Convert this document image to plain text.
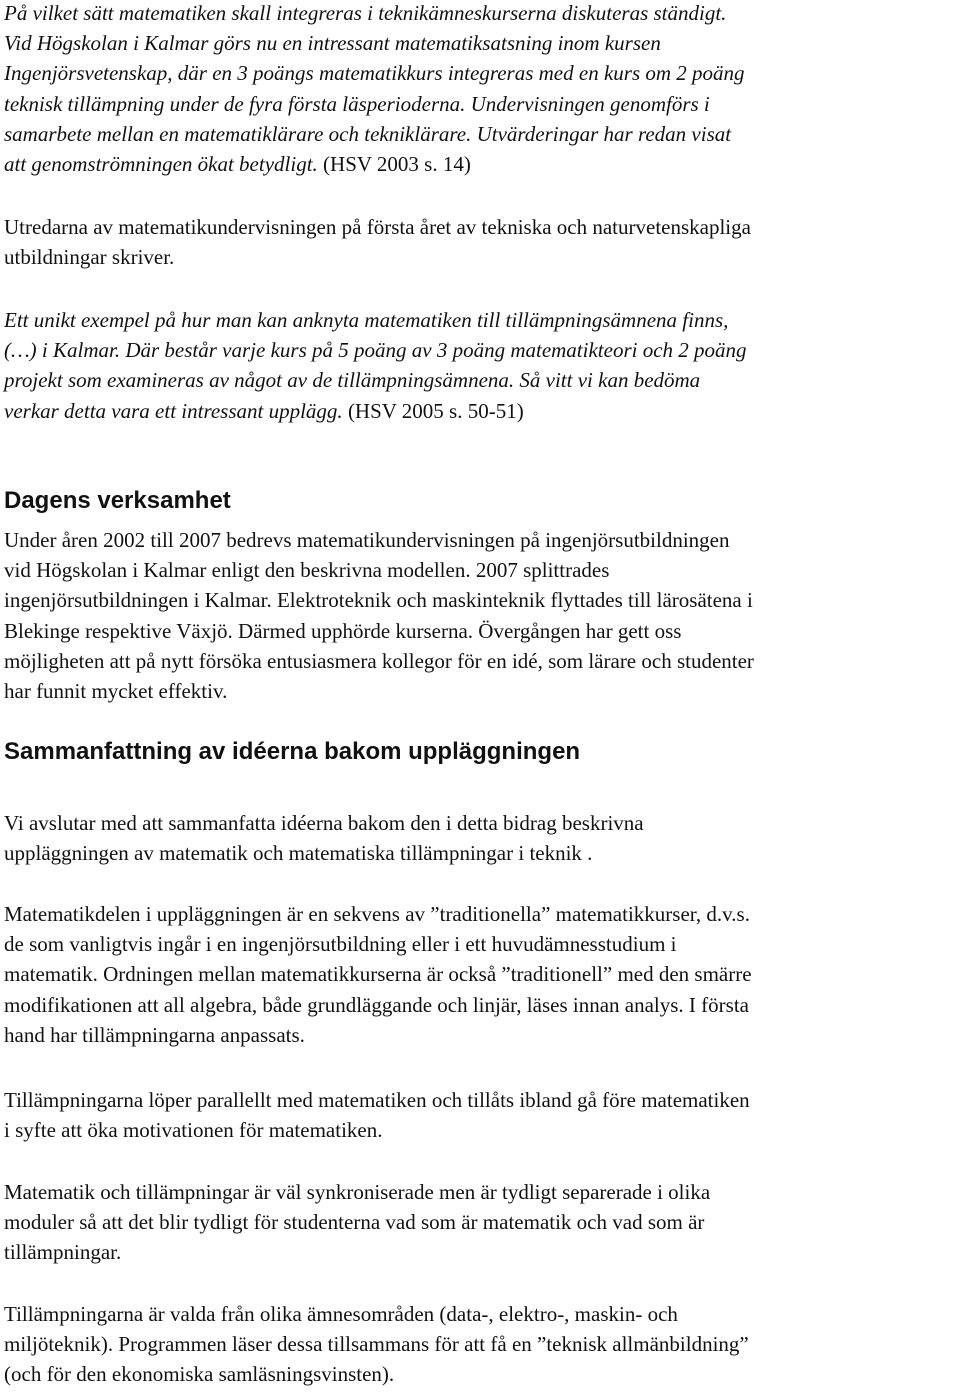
På vilket sätt matematiken skall integreras i teknikämneskurserna diskuteras ständigt.

Vid Högskolan i Kalmar görs nu en intressant matematiksatsning inom kursen

Ingenjörsvetenskap, där en 3 poängs matematikkurs integreras med en kurs om 2 poäng

teknisk tillämpning under de fyra första läsperioderna. Undervisningen genomförs i

samarbete mellan en matematiklärare och tekniklärare. Utvärderingar har redan visat

att genomströmningen ökat betydligt. (HSV 2003 s. 14)

Utredarna av matematikundervisningen på första året av tekniska och naturvetenskapliga

utbildningar skriver.

Ett unikt exempel på hur man kan anknyta matematiken till tillämpningsämnena finns,

(…) i Kalmar. Där består varje kurs på 5 poäng av 3 poäng matematikteori och 2 poäng

projekt som examineras av något av de tillämpningsämnena. Så vitt vi kan bedöma

verkar detta vara ett intressant upplägg. (HSV 2005 s. 50-51)

Dagens verksamhet

Under åren 2002 till 2007 bedrevs matematikundervisningen på ingenjörsutbildningen

vid Högskolan i Kalmar enligt den beskrivna modellen. 2007 splittrades

ingenjörsutbildningen i Kalmar. Elektroteknik och maskinteknik flyttades till lärosätena i

Blekinge respektive Växjö. Därmed upphörde kurserna. Övergången har gett oss

möjligheten att på nytt försöka entusiasmera kollegor för en idé, som lärare och studenter

har funnit mycket effektiv.

Sammanfattning av idéerna bakom uppläggningen

Vi avslutar med att sammanfatta idéerna bakom den i detta bidrag beskrivna

uppläggningen av matematik och matematiska tillämpningar i teknik .

Matematikdelen i uppläggningen är en sekvens av ”traditionella” matematikkurser, d.v.s.

de som vanligtvis ingår i en ingenjörsutbildning eller i ett huvudämnesstudium i

matematik. Ordningen mellan matematikkurserna är också ”traditionell” med den smärre

modifikationen att all algebra, både grundläggande och linjär, läses innan analys. I första

hand har tillämpningarna anpassats.

Tillämpningarna löper parallellt med matematiken och tillåts ibland gå före matematiken

i syfte att öka motivationen för matematiken.

Matematik och tillämpningar är väl synkroniserade men är tydligt separerade i olika

moduler så att det blir tydligt för studenterna vad som är matematik och vad som är

tillämpningar.

Tillämpningarna är valda från olika ämnesområden (data-, elektro-, maskin- och

miljöteknik). Programmen läser dessa tillsammans för att få en ”teknisk allmänbildning”

(och för den ekonomiska samläsningsvinsten).
